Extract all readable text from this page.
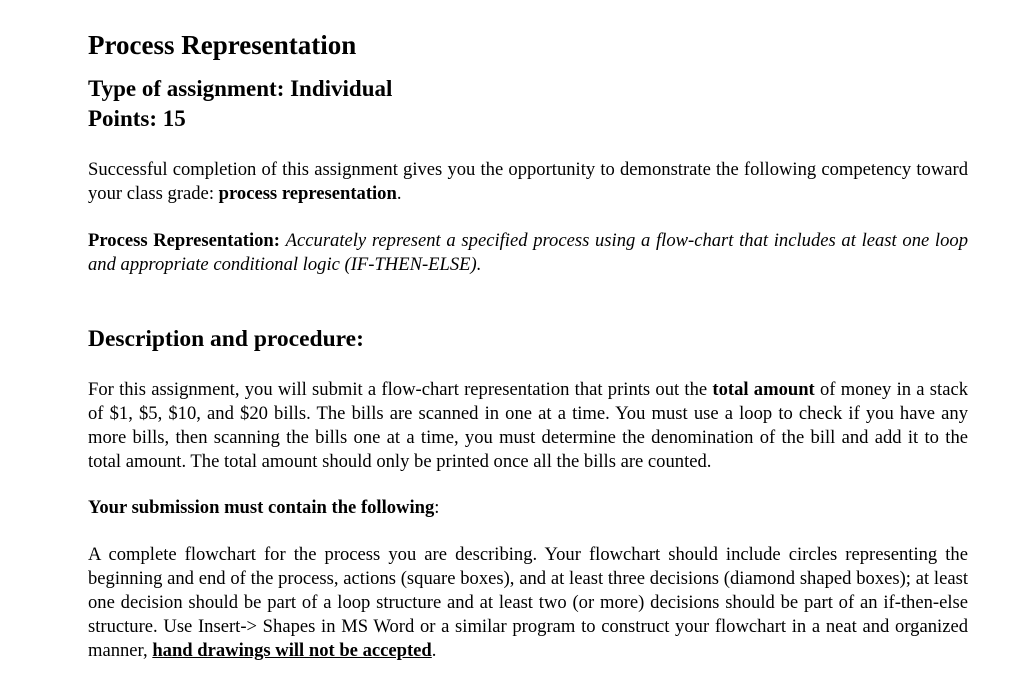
Process Representation
Type of assignment: Individual
Points: 15
Successful completion of this assignment gives you the opportunity to demonstrate the following competency toward your class grade: process representation.
Process Representation: Accurately represent a specified process using a flow-chart that includes at least one loop and appropriate conditional logic (IF-THEN-ELSE).
Description and procedure:
For this assignment, you will submit a flow-chart representation that prints out the total amount of money in a stack of $1, $5, $10, and $20 bills. The bills are scanned in one at a time. You must use a loop to check if you have any more bills, then scanning the bills one at a time, you must determine the denomination of the bill and add it to the total amount. The total amount should only be printed once all the bills are counted.
Your submission must contain the following:
A complete flowchart for the process you are describing. Your flowchart should include circles representing the beginning and end of the process, actions (square boxes), and at least three decisions (diamond shaped boxes); at least one decision should be part of a loop structure and at least two (or more) decisions should be part of an if-then-else structure. Use Insert-> Shapes in MS Word or a similar program to construct your flowchart in a neat and organized manner, hand drawings will not be accepted.
